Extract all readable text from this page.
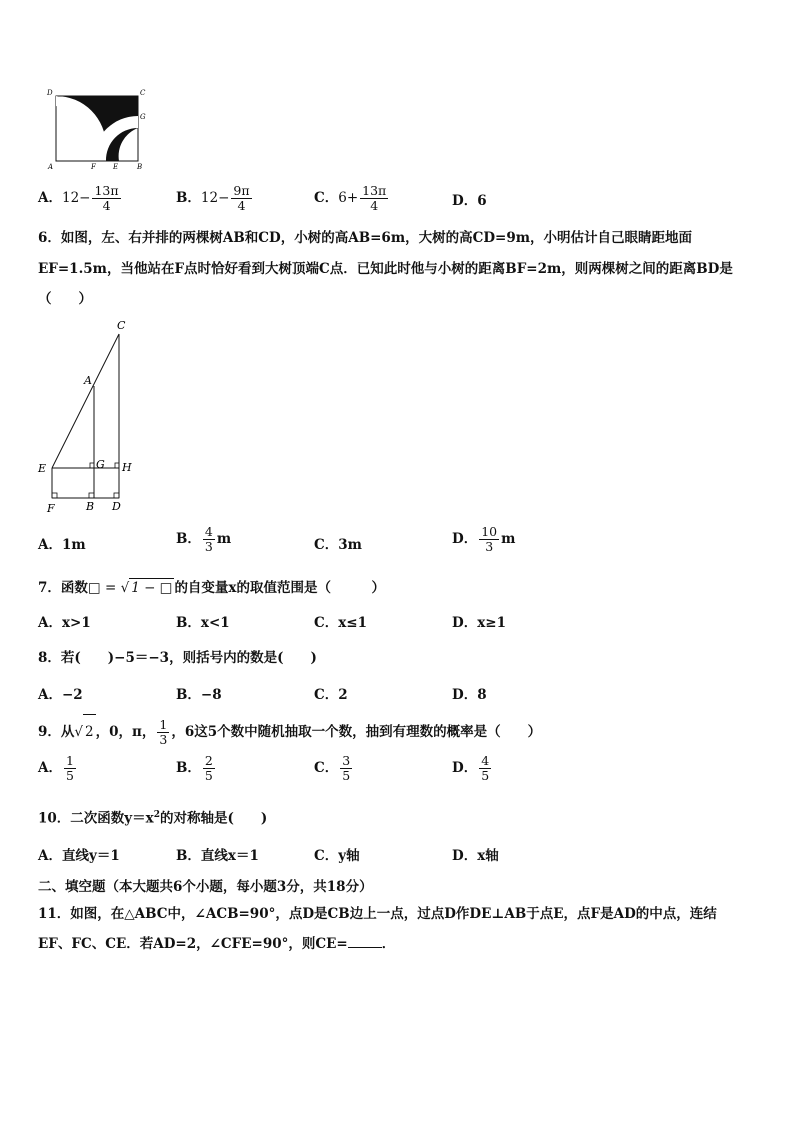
D	C
G
A	F E	B
A．$12- \frac{13\pi}{4}$	B．$12- \frac{9\pi}{4}$	C．$6+ \frac{13\pi}{4}$	D．6
6．如图，左、右并排的两棵树AB和CD，小树的高AB=6m，大树的高CD=9m，小明估计自己眼睛距地面
EF=1.5m，当他站在F点时恰好看到大树顶端C点．已知此时他与小树的距离BF=2m，则两棵树之间的距离BD是
（　　）
C
A
E	G H
F	B D
A．1m	B． $\frac{4}{3}$ m	C．3m	D． $\frac{10}{3}$ m
7．函数□ = √ 1 − □ 的自变量x的取值范围是（　　　）
A．x>1	B．x<1	C．x≤1	D．x≥1
8．若(　　)−5＝−3，则括号内的数是(　　)
A．−2	B．−8	C．2	D．8
9．从√ 2 ，0，π， $\frac{1}{3}$ ，6这5个数中随机抽取一个数，抽到有理数的概率是（　　）
A． $\frac{1}{5}$	B． $\frac{2}{5}$	C． $\frac{3}{5}$	D． $\frac{4}{5}$
10．二次函数$y=x^2$的对称轴是(　　)
A．直线y＝1	B．直线x＝1	C．y轴	D．x轴
二、填空题（本大题共6个小题，每小题3分，共18分）
11．如图，在△ABC中，∠ACB=90°，点D是CB边上一点，过点D作DE⊥AB于点E，点F是AD的中点，连结
EF、FC、CE．若AD=2，∠CFE=90°，则CE=	．
